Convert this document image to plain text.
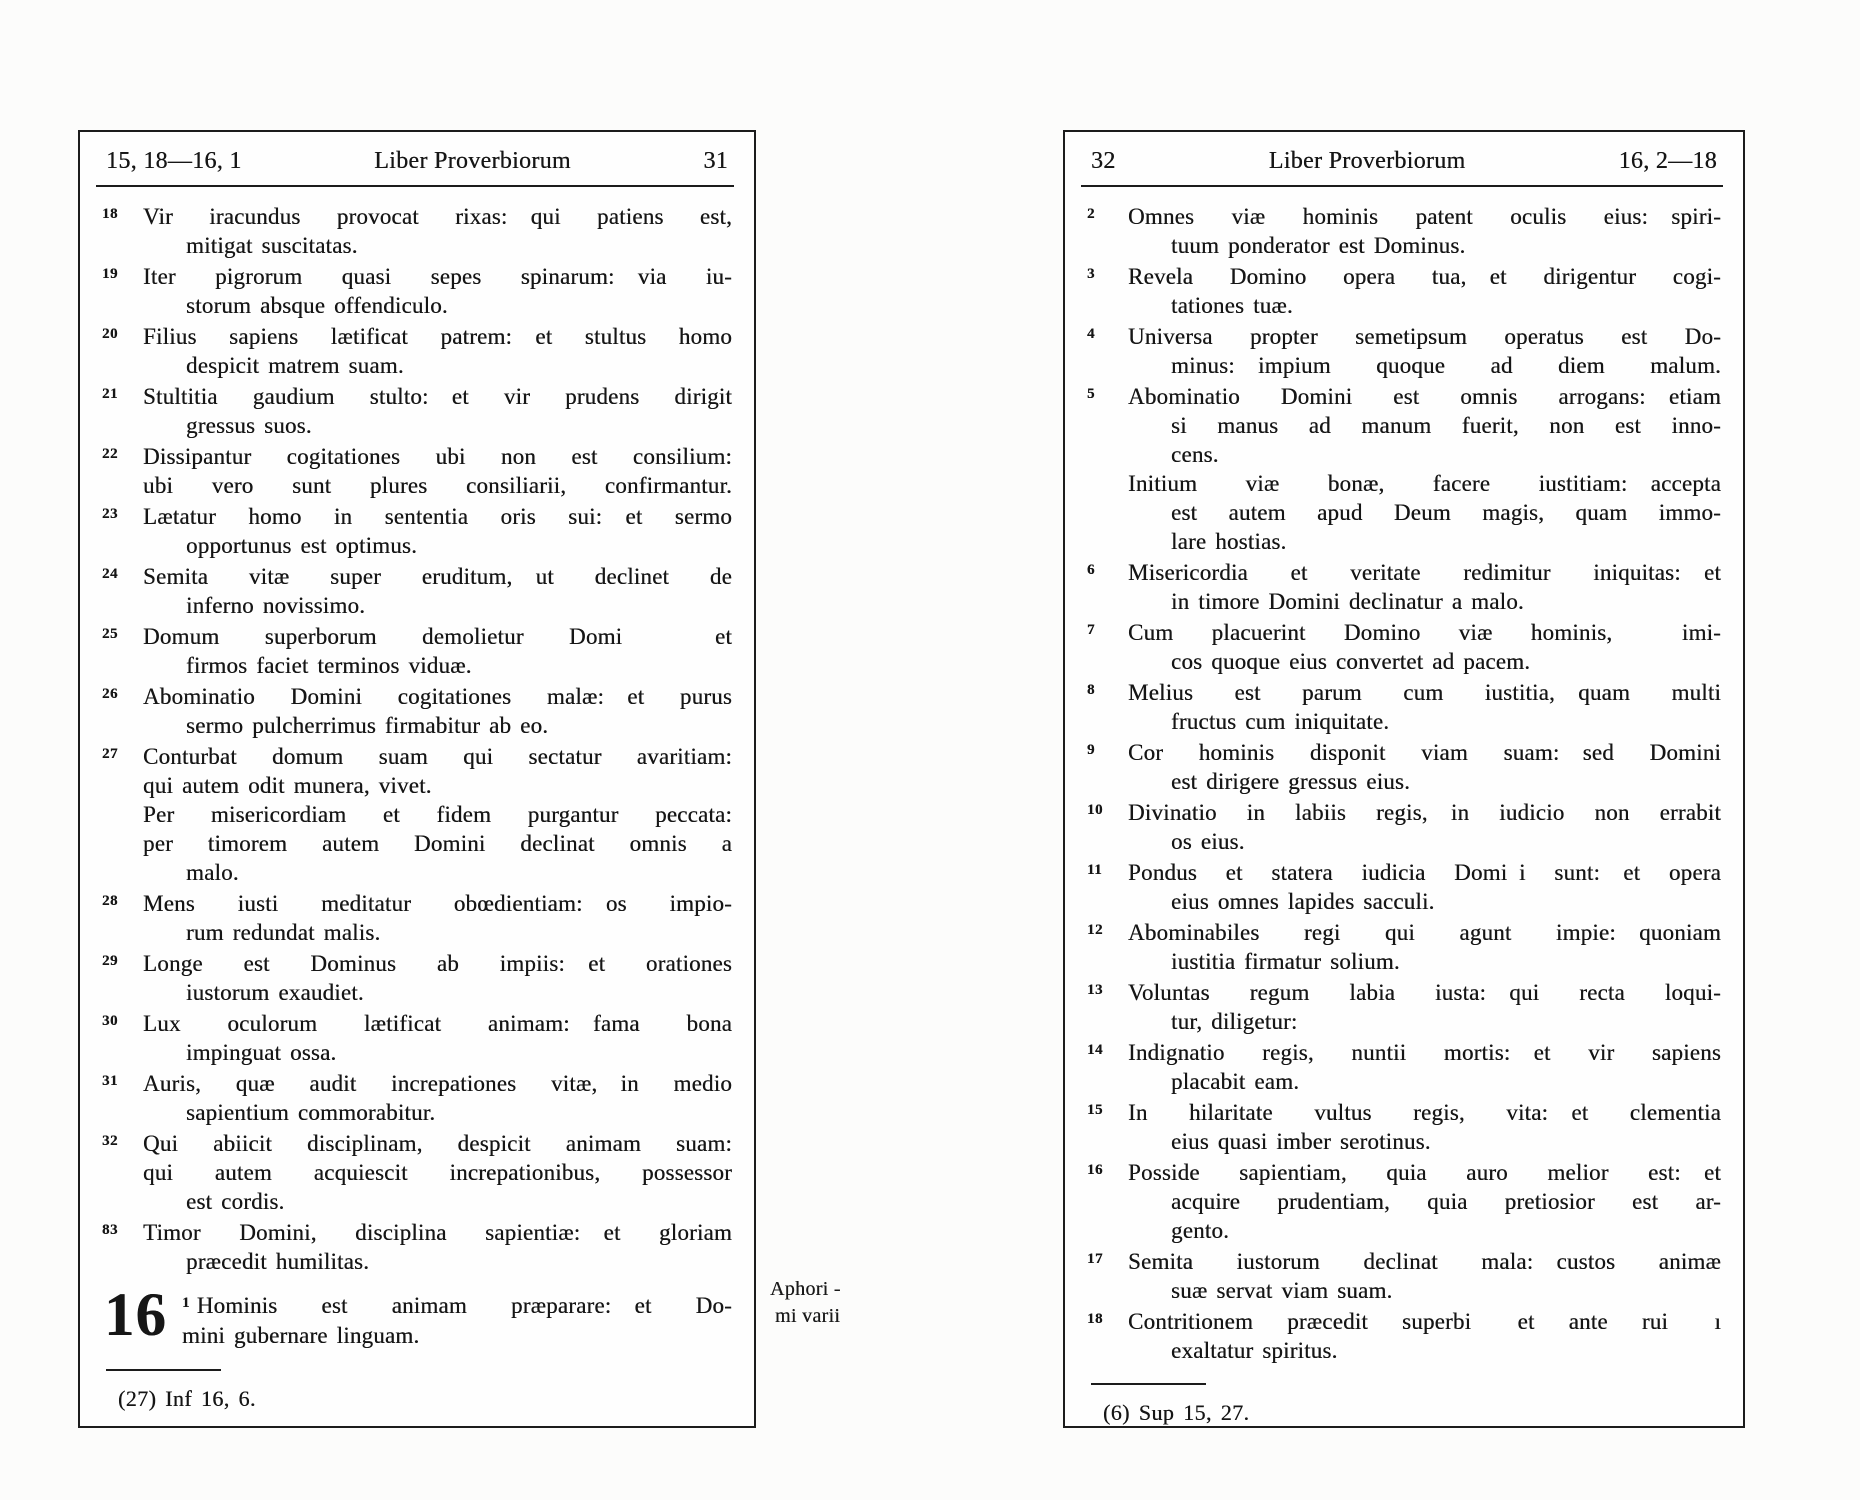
15, 18—16, 1	Liber Proverbiorum	31
18 Vir iracundus provocat rixas: qui patiens est,
mitigat suscitatas.
19 Iter pigrorum quasi sepes spinarum: via iu-
storum absque offendiculo.
20 Filius sapiens lætificat patrem: et stultus homo
despicit matrem suam.
21 Stultitia gaudium stulto: et vir prudens dirigit
gressus suos.
22 Dissipantur cogitationes ubi non est consilium:
ubi vero sunt plures consiliarii, confirmantur.
23 Lætatur homo in sententia oris sui: et sermo
opportunus est optimus.
24 Semita vitæ super eruditum, ut declinet de
inferno novissimo.
25 Domum superborum demolietur Domi    et
firmos faciet terminos viduæ.
26 Abominatio Domini cogitationes malæ: et purus
sermo pulcherrimus firmabitur ab eo.
27 Conturbat domum suam qui sectatur avaritiam:
qui autem odit munera, vivet.
Per misericordiam et fidem purgantur peccata:
per timorem autem Domini declinat omnis a
malo.
28 Mens iusti meditatur obœdientiam: os impio-
rum redundat malis.
29 Longe est Dominus ab impiis: et orationes
iustorum exaudiet.
30 Lux oculorum lætificat animam: fama bona
impinguat ossa.
31 Auris, quæ audit increpationes vitæ, in medio
sapientium commorabitur.
32 Qui abiicit disciplinam, despicit animam suam:
qui autem acquiescit increpationibus, possessor
est cordis.
83 Timor Domini, disciplina sapientiæ: et gloriam
præcedit humilitas.
16 $^1$ Hominis est animam præparare: et Do-
mini gubernare linguam.
(27) Inf 16, 6.
Aphori -
mi varii
32	Liber Proverbiorum	16, 2—18
2 Omnes viæ hominis patent oculis eius: spiri-
tuum ponderator est Dominus.
3 Revela Domino opera tua, et dirigentur cogi-
tationes tuæ.
4 Universa propter semetipsum operatus est Do-
minus: impium quoque ad diem malum.
5 Abominatio Domini est omnis arrogans: etiam
si manus ad manum fuerit, non est inno-
cens.
Initium viæ bonæ, facere iustitiam: accepta
est autem apud Deum magis, quam immo-
lare hostias.
6 Misericordia et veritate redimitur iniquitas: et
in timore Domini declinatur a malo.
7 Cum placuerint Domino viæ hominis,   imi-
cos quoque eius convertet ad pacem.
8 Melius est parum cum iustitia, quam multi
fructus cum iniquitate.
9 Cor hominis disponit viam suam: sed Domini
est dirigere gressus eius.
10 Divinatio in labiis regis, in iudicio non errabit
os eius.
11 Pondus et statera iudicia Domi i sunt: et opera
eius omnes lapides sacculi.
12 Abominabiles regi qui agunt impie: quoniam
iustitia firmatur solium.
13 Voluntas regum labia iusta: qui recta loqui-
tur, diligetur:
14 Indignatio regis, nuntii mortis: et vir sapiens
placabit eam.
15 In hilaritate vultus regis, vita: et clementia
eius quasi imber serotinus.
16 Posside sapientiam, quia auro melior est: et
acquire prudentiam, quia pretiosior est ar-
gento.
17 Semita iustorum declinat mala: custos animæ
suæ servat viam suam.
18 Contritionem præcedit superbi  et ante rui  ı
exaltatur spiritus.
(6) Sup 15, 27.
